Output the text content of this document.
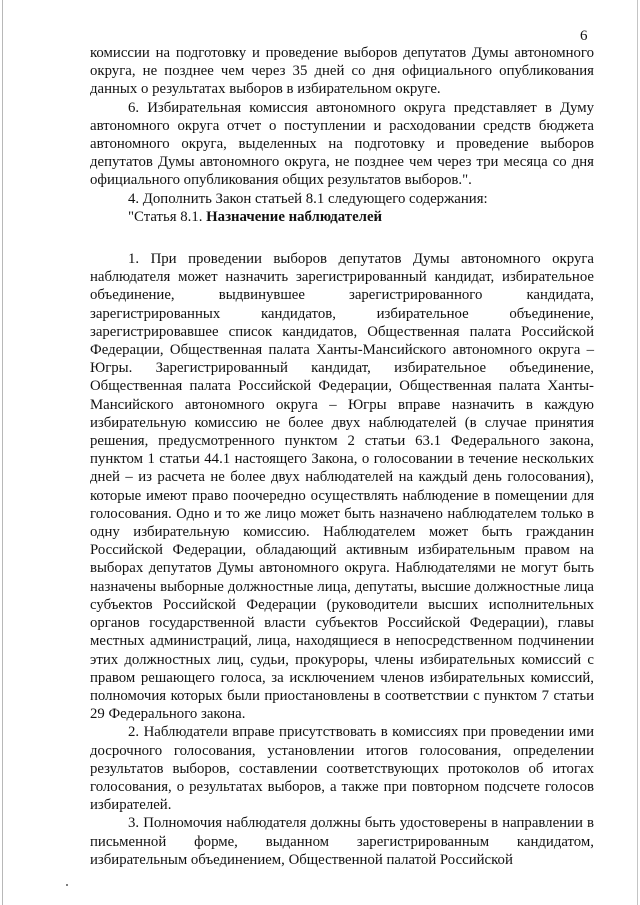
6

комиссии на подготовку и проведение выборов депутатов Думы автономного округа, не позднее чем через 35 дней со дня официального опубликования данных о результатах выборов в избирательном округе.

6. Избирательная комиссия автономного округа представляет в Думу автономного округа отчет о поступлении и расходовании средств бюджета автономного округа, выделенных на подготовку и проведение выборов депутатов Думы автономного округа, не позднее чем через три месяца со дня официального опубликования общих результатов выборов.".

4. Дополнить Закон статьей 8.1 следующего содержания:

"Статья 8.1. Назначение наблюдателей

1. При проведении выборов депутатов Думы автономного округа наблюдателя может назначить зарегистрированный кандидат, избирательное объединение, выдвинувшее зарегистрированного кандидата, зарегистрированных кандидатов, избирательное объединение, зарегистрировавшее список кандидатов, Общественная палата Российской Федерации, Общественная палата Ханты-Мансийского автономного округа – Югры. Зарегистрированный кандидат, избирательное объединение, Общественная палата Российской Федерации, Общественная палата Ханты-Мансийского автономного округа – Югры вправе назначить в каждую избирательную комиссию не более двух наблюдателей (в случае принятия решения, предусмотренного пунктом 2 статьи 63.1 Федерального закона, пунктом 1 статьи 44.1 настоящего Закона, о голосовании в течение нескольких дней – из расчета не более двух наблюдателей на каждый день голосования), которые имеют право поочередно осуществлять наблюдение в помещении для голосования. Одно и то же лицо может быть назначено наблюдателем только в одну избирательную комиссию. Наблюдателем может быть гражданин Российской Федерации, обладающий активным избирательным правом на выборах депутатов Думы автономного округа. Наблюдателями не могут быть назначены выборные должностные лица, депутаты, высшие должностные лица субъектов Российской Федерации (руководители высших исполнительных органов государственной власти субъектов Российской Федерации), главы местных администраций, лица, находящиеся в непосредственном подчинении этих должностных лиц, судьи, прокуроры, члены избирательных комиссий с правом решающего голоса, за исключением членов избирательных комиссий, полномочия которых были приостановлены в соответствии с пунктом 7 статьи 29 Федерального закона.

2. Наблюдатели вправе присутствовать в комиссиях при проведении ими досрочного голосования, установлении итогов голосования, определении результатов выборов, составлении соответствующих протоколов об итогах голосования, о результатах выборов, а также при повторном подсчете голосов избирателей.

3. Полномочия наблюдателя должны быть удостоверены в направлении в письменной форме, выданном зарегистрированным кандидатом, избирательным объединением, Общественной палатой Российской
